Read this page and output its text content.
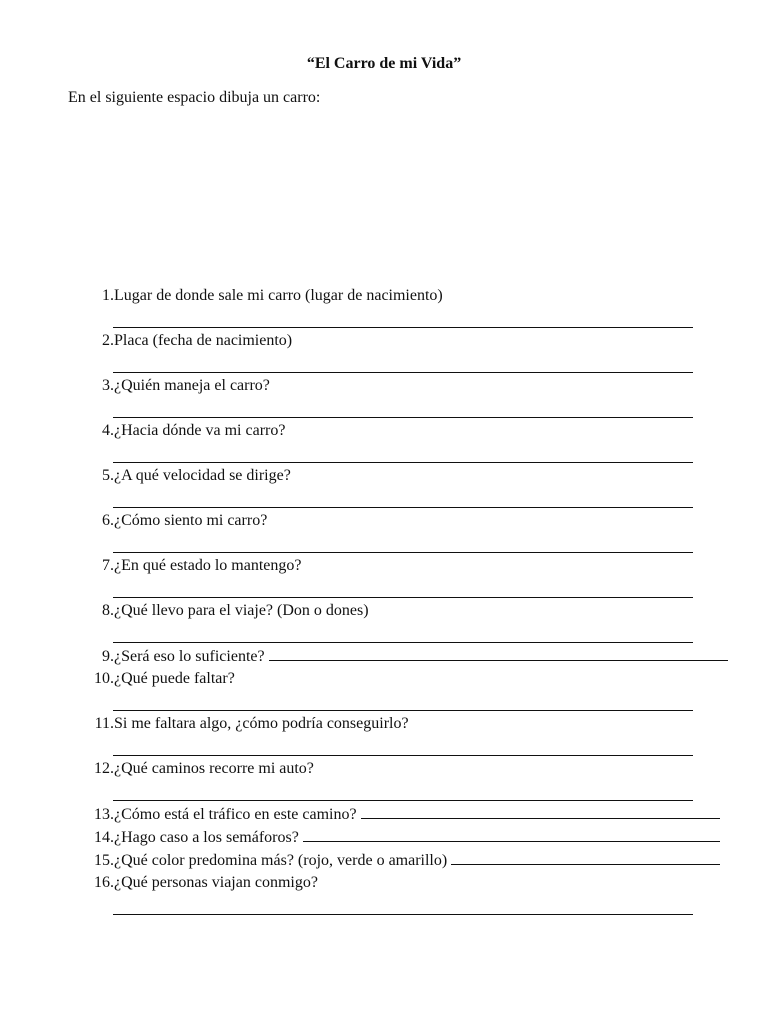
“El Carro de mi Vida”
En el siguiente espacio dibuja un carro:
1. Lugar de donde sale mi carro (lugar de nacimiento)
2. Placa (fecha de nacimiento)
3. ¿Quién maneja el carro?
4. ¿Hacia dónde va mi carro?
5. ¿A qué velocidad se dirige?
6. ¿Cómo siento mi carro?
7. ¿En qué estado lo mantengo?
8. ¿Qué llevo para el viaje? (Don o dones)
9. ¿Será eso lo suficiente?
10. ¿Qué puede faltar?
11. Si me faltara algo, ¿cómo podría conseguirlo?
12. ¿Qué caminos recorre mi auto?
13. ¿Cómo está el tráfico en este camino?
14. ¿Hago caso a los semáforos?
15. ¿Qué color predomina más? (rojo, verde o amarillo)
16. ¿Qué personas viajan conmigo?
